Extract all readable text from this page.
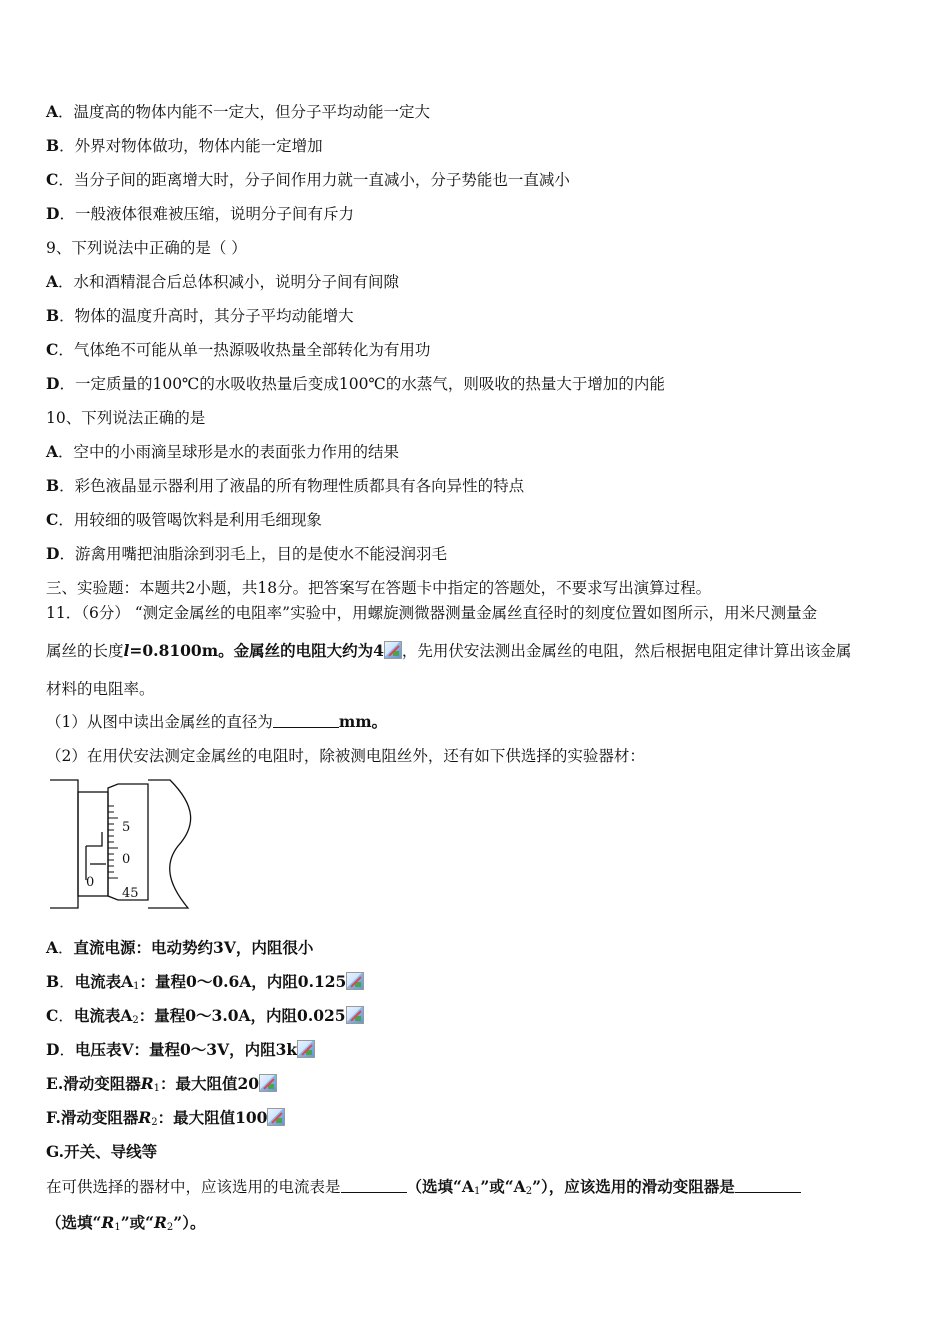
A．温度高的物体内能不一定大，但分子平均动能一定大
B．外界对物体做功，物体内能一定增加
C．当分子间的距离增大时，分子间作用力就一直减小，分子势能也一直减小
D．一般液体很难被压缩，说明分子间有斥力
9、下列说法中正确的是（ ）
A．水和酒精混合后总体积减小，说明分子间有间隙
B．物体的温度升高时，其分子平均动能增大
C．气体绝不可能从单一热源吸收热量全部转化为有用功
D．一定质量的100℃的水吸收热量后变成100℃的水蒸气，则吸收的热量大于增加的内能
10、下列说法正确的是
A．空中的小雨滴呈球形是水的表面张力作用的结果
B．彩色液晶显示器利用了液晶的所有物理性质都具有各向异性的特点
C．用较细的吸管喝饮料是利用毛细现象
D．游禽用嘴把油脂涂到羽毛上，目的是使水不能浸润羽毛
三、实验题：本题共2小题，共18分。把答案写在答题卡中指定的答题处，不要求写出演算过程。
11．（6分） “测定金属丝的电阻率”实验中，用螺旋测微器测量金属丝直径时的刻度位置如图所示，用米尺测量金
属丝的长度l=0.8100m。金属丝的电阻大约为4 ，先用伏安法测出金属丝的电阻，然后根据电阻定律计算出该金属
材料的电阻率。
（1）从图中读出金属丝的直径为	mm。
（2）在用伏安法测定金属丝的电阻时，除被测电阻丝外，还有如下供选择的实验器材：
5
0
45
0
A．直流电源：电动势约3V，内阻很小
B．电流表$A_1$：量程0～0.6A，内阻0.125
C．电流表$A_2$：量程0～3.0A，内阻0.025
D．电压表V：量程0～3V，内阻3k
E.滑动变阻器$R_1$：最大阻值20
F.滑动变阻器$R_2$：最大阻值100
G.开关、导线等
在可供选择的器材中，应该选用的电流表是	（选填“$A_1$”或“$A_2$”），应该选用的滑动变阻器是
（选填“$R_1$”或“$R_2$”）。
